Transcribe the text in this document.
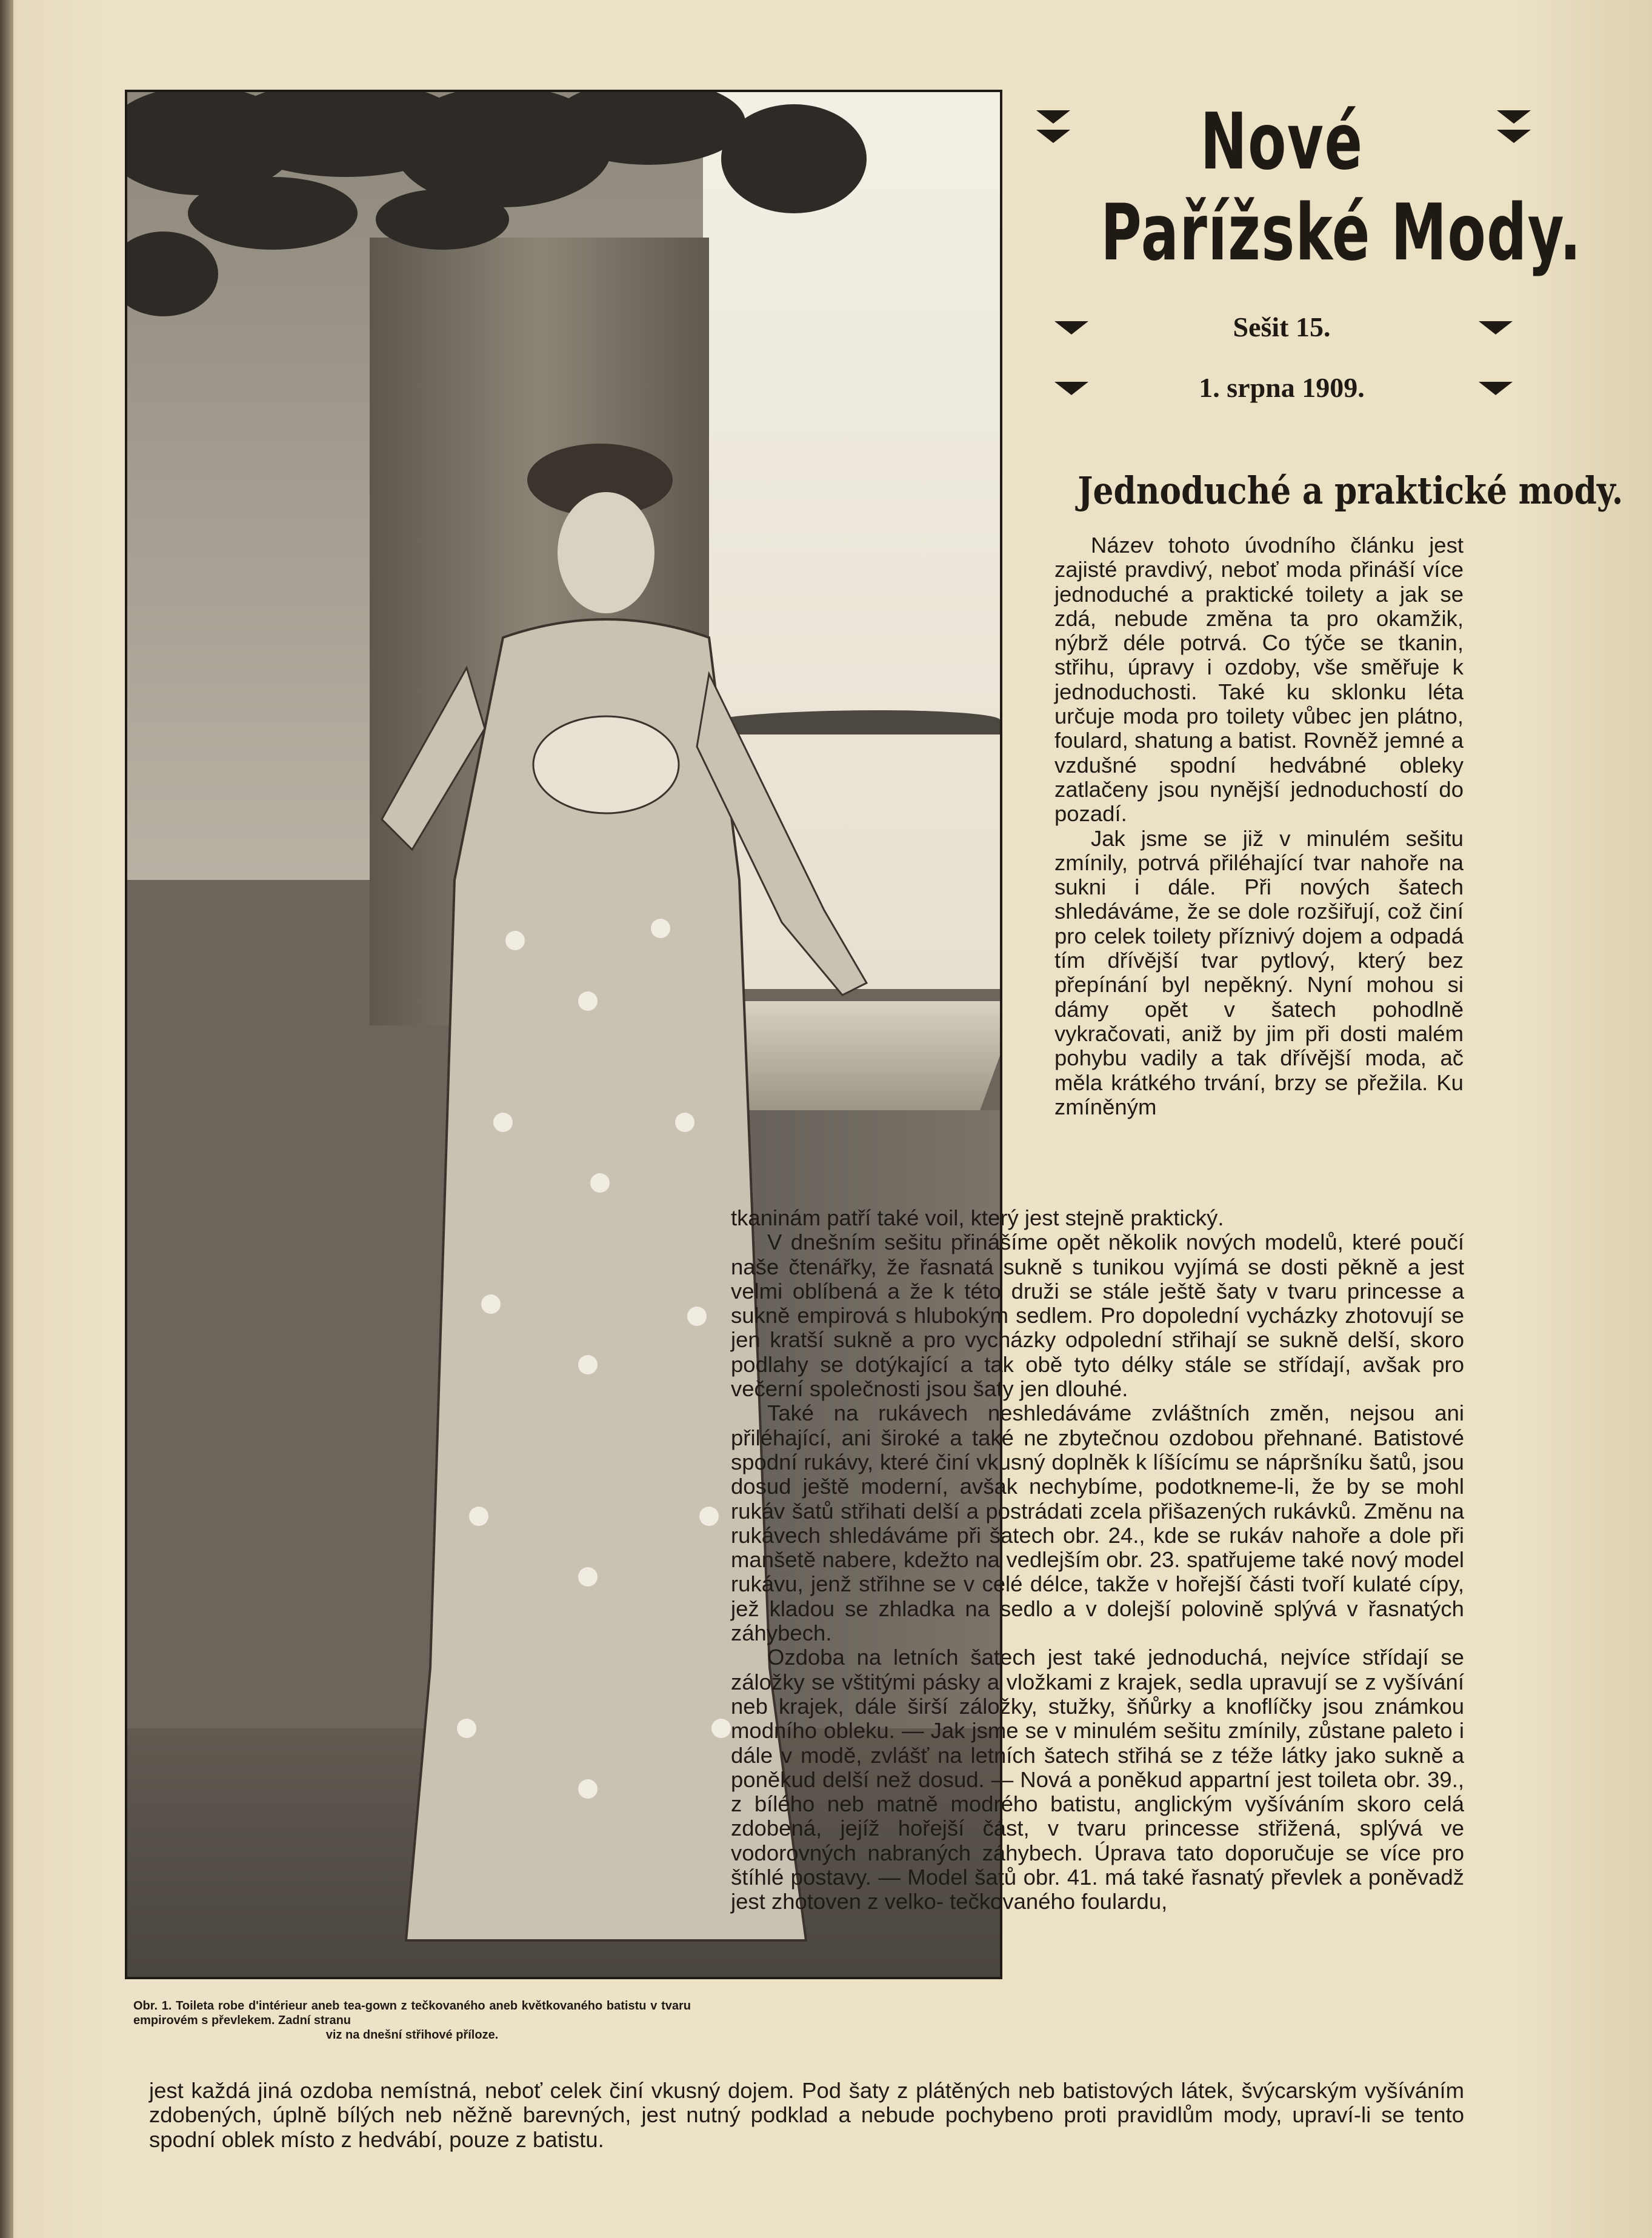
Obr. 1. Toileta robe d'intérieur aneb tea-gown z tečkovaného aneb květkovaného batistu v tvaru empirovém s převlekem. Zadní stranu
viz na dnešní střihové příloze.
Nové
Pařížské Mody.
Sešit 15.
1. srpna 1909.
Jednoduché a praktické mody.

Název tohoto úvodního článku jest zajisté pravdivý, neboť moda přináší více jednoduché a praktické toilety a jak se zdá, nebude změna ta pro okamžik, nýbrž déle potrvá. Co týče se tkanin, střihu, úpravy i ozdoby, vše směřuje k jednoduchosti. Také ku sklonku léta určuje moda pro toilety vůbec jen plátno, foulard, shatung a batist. Rovněž jemné a vzdušné spodní hedvábné obleky zatlačeny jsou nynější jednoduchostí do pozadí.

Jak jsme se již v minulém sešitu zmínily, potrvá přiléhající tvar nahoře na sukni i dále. Při nových šatech shledáváme, že se dole rozšiřují, což činí pro celek toilety příznivý dojem a odpadá tím dřívější tvar pytlový, který bez přepínání byl nepěkný. Nyní mohou si dámy opět v šatech pohodlně vykračovati, aniž by jim při dosti malém pohybu vadily a tak dřívější moda, ač měla krátkého trvání, brzy se přežila. Ku zmíněným

tkaninám patří také voil, který jest stejně praktický.

V dnešním sešitu přinášíme opět několik nových modelů, které poučí naše čtenářky, že řasnatá sukně s tunikou vyjímá se dosti pěkně a jest velmi oblíbená a že k této druži se stále ještě šaty v tvaru princesse a sukně empirová s hlubokým sedlem. Pro dopolední vycházky zhotovují se jen kratší sukně a pro vycházky odpolední střihají se sukně delší, skoro podlahy se dotýkající a tak obě tyto délky stále se střídají, avšak pro večerní společnosti jsou šaty jen dlouhé.

Také na rukávech neshledáváme zvláštních změn, nejsou ani přiléhající, ani široké a také ne zbytečnou ozdobou přehnané. Batistové spodní rukávy, které činí vkusný doplněk k líšícímu se nápršníku šatů, jsou dosud ještě moderní, avšak nechybíme, podotkneme-li, že by se mohl rukáv šatů střihati delší a postrádati zcela přišazených rukávků. Změnu na rukávech shledáváme při šatech obr. 24., kde se rukáv nahoře a dole při manšetě nabere, kdežto na vedlejším obr. 23. spatřujeme také nový model rukávu, jenž střihne se v celé délce, takže v hořejší části tvoří kulaté cípy, jež kladou se zhladka na sedlo a v dolejší polovině splývá v řasnatých záhybech.

Ozdoba na letních šatech jest také jednoduchá, nejvíce střídají se záložky se vštitými pásky a vložkami z krajek, sedla upravují se z vyšívání neb krajek, dále širší záložky, stužky, šňůrky a knoflíčky jsou známkou modního obleku. — Jak jsme se v minulém sešitu zmínily, zůstane paleto i dále v modě, zvlášť na letních šatech střihá se z téže látky jako sukně a poněkud delší než dosud. — Nová a poněkud appartní jest toileta obr. 39., z bílého neb matně modrého batistu, anglickým vyšíváním skoro celá zdobená, jejíž hořejší část, v tvaru princesse střižená, splývá ve vodorovných nabraných záhybech. Úprava tato doporučuje se více pro štíhlé postavy. — Model šatů obr. 41. má také řasnatý převlek a poněvadž jest zhotoven z velko- tečkovaného foulardu,

jest každá jiná ozdoba nemístná, neboť celek činí vkusný dojem. Pod šaty z plátěných neb batistových látek, švýcarským vyšíváním zdobených, úplně bílých neb něžně barevných, jest nutný podklad a nebude pochybeno proti pravidlům mody, upraví-li se tento spodní oblek místo z hedvábí, pouze z batistu.
